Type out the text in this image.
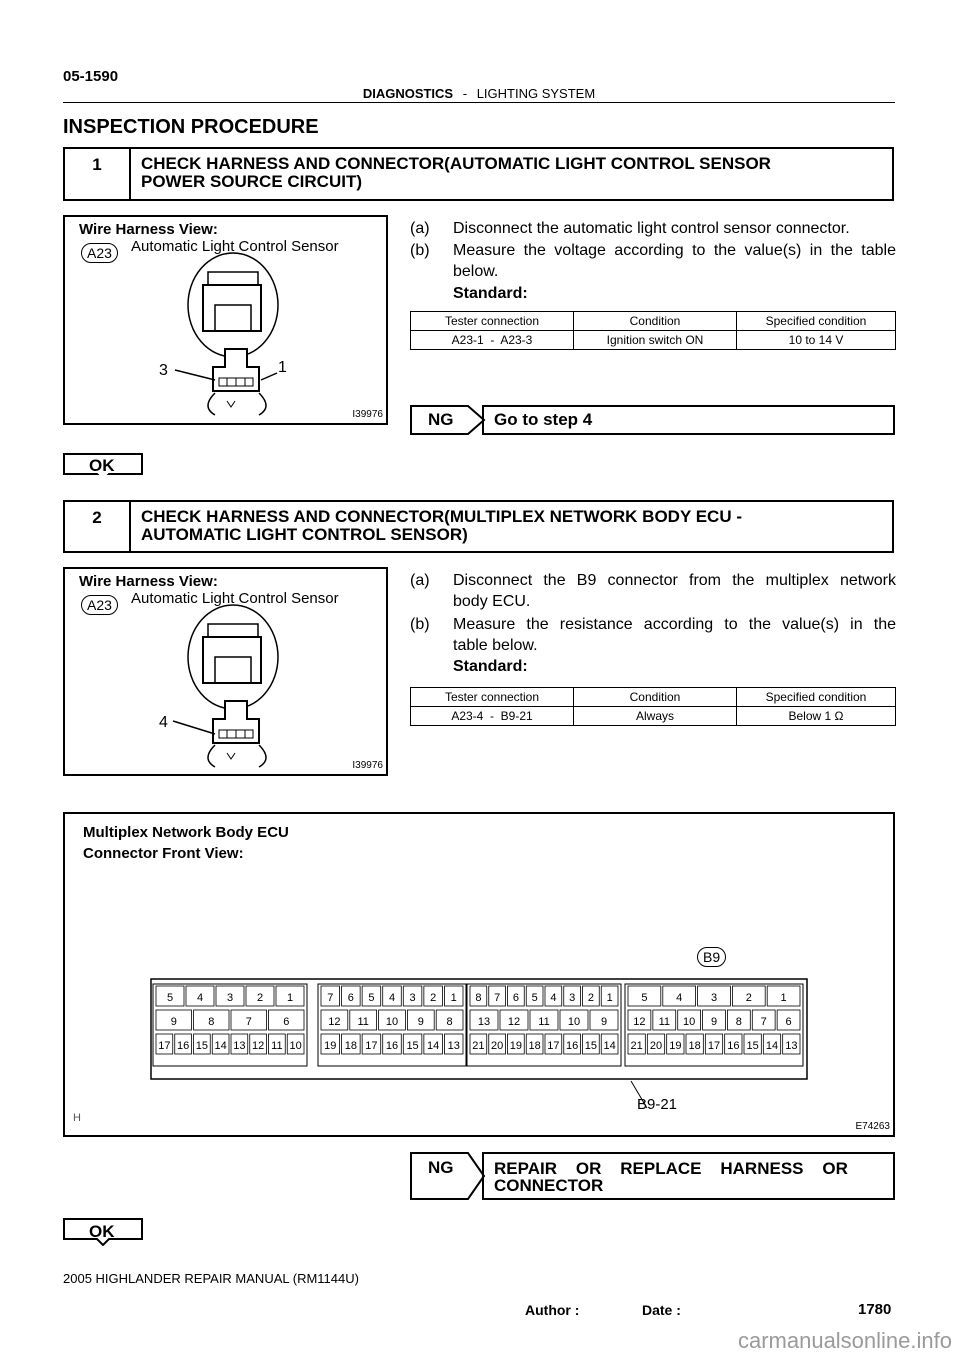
05-1590
DIAGNOSTICS - LIGHTING SYSTEM
INSPECTION PROCEDURE
1	CHECK HARNESS AND CONNECTOR(AUTOMATIC LIGHT CONTROL SENSOR
POWER SOURCE CIRCUIT)
Wire Harness View:
A23	Automatic Light Control Sensor
3	1
I39976
(a) Disconnect the automatic light control sensor connector.
(b) Measure the voltage according to the value(s) in the table
below.
Standard:
Tester connection	Condition	Specified condition
A23-1  -  A23-3	Ignition switch ON	10 to 14 V
NG Go to step 4
OK
2	CHECK HARNESS AND CONNECTOR(MULTIPLEX NETWORK BODY ECU -
AUTOMATIC LIGHT CONTROL SENSOR)
Wire Harness View:
A23	Automatic Light Control Sensor
4
I39976
(a) Disconnect the B9 connector from the multiplex network
body ECU.
(b) Measure the resistance according to the value(s) in the
table below.
Standard:
Tester connection	Condition	Specified condition
A23-4  -  B9-21	Always	Below 1 Ω
Multiplex Network Body ECU
Connector Front View:
B9
5 4 3 2 1
9	8	7	6
17 16 15 14 13 12 11 10
7 6 5 4 3 2 1
12 11 10 9 8
19 18 17 16 15 14 13
8 7 6 5 4 3 2 1
13 12 11 10 9
21 20 19 18 17 16 15 14
5	4	3	2	1
12 11 10 9 8 7 6
21 20 19 18 17 16 15 14 13
B9-21
H
E74263
NG REPAIR    OR    REPLACE    HARNESS    OR
CONNECTOR
OK
2005 HIGHLANDER REPAIR MANUAL (RM1144U)
Author :	Date :	1780
carmanualsonline.info
